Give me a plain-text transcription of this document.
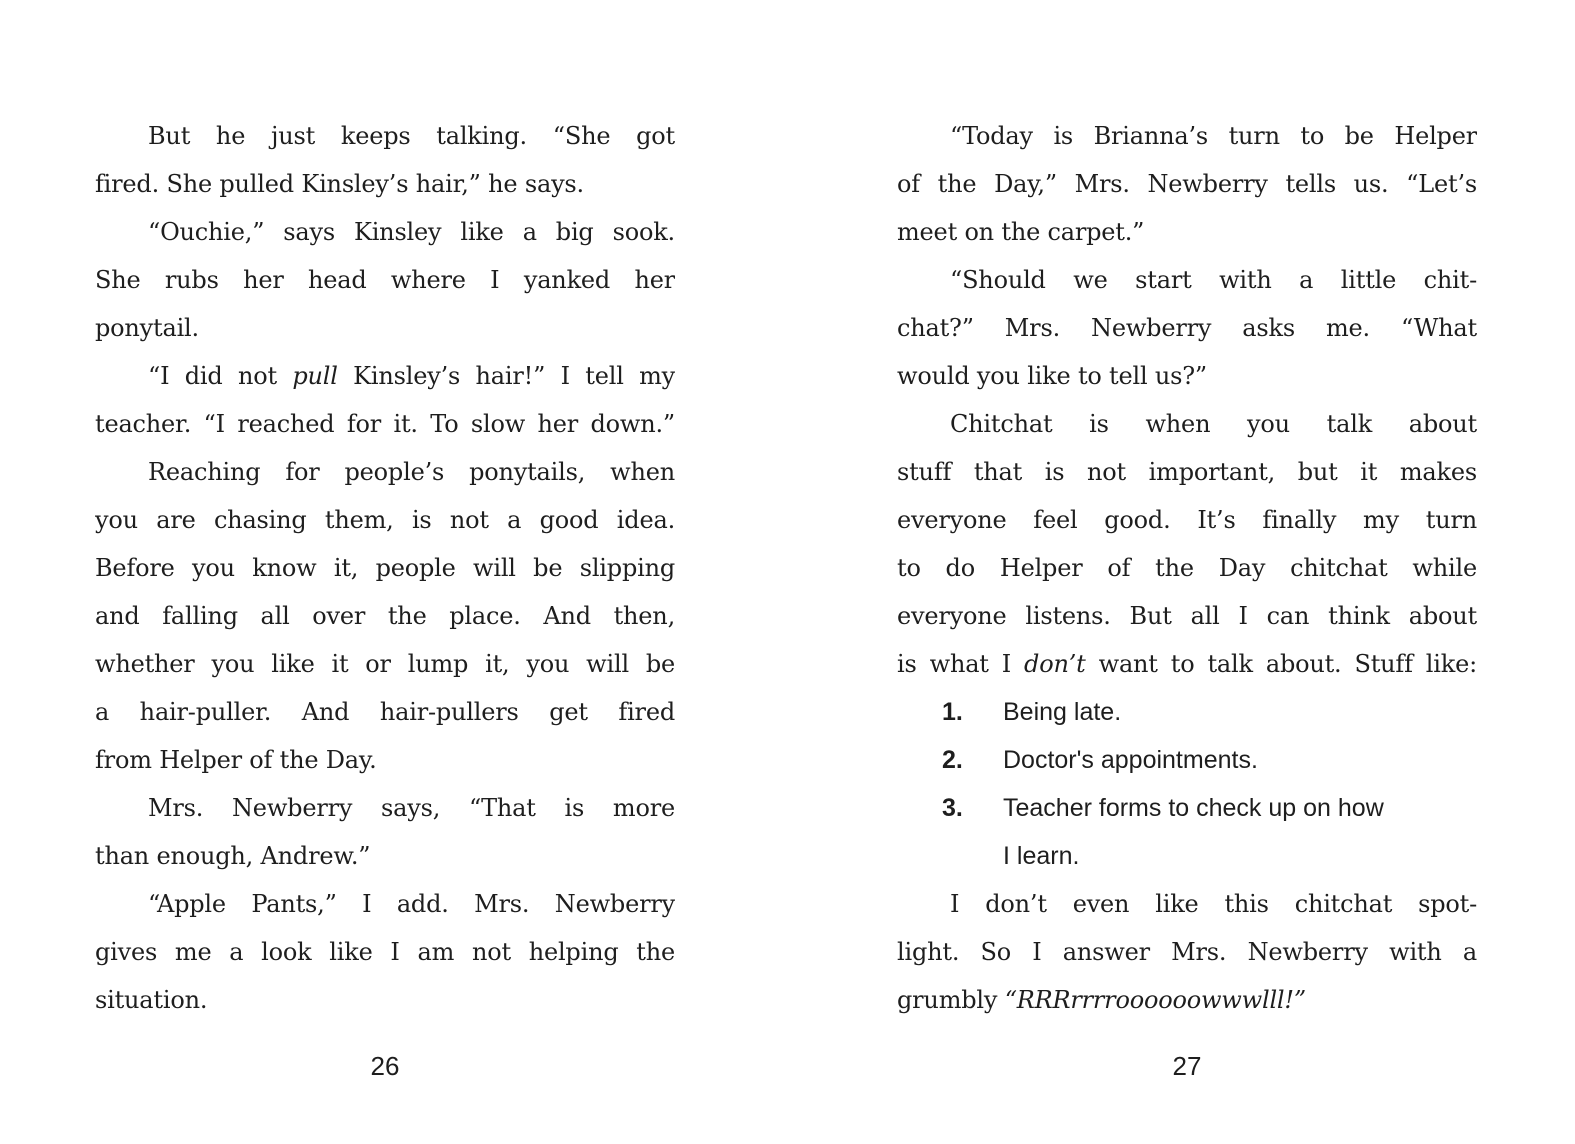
But he just keeps talking. “She got
fired. She pulled Kinsley’s hair,” he says.
“Ouchie,” says Kinsley like a big sook.
She rubs her head where I yanked her
ponytail.
“I did not pull Kinsley’s hair!” I tell my
teacher. “I reached for it. To slow her down.”
Reaching for people’s ponytails, when
you are chasing them, is not a good idea.
Before you know it, people will be slipping
and falling all over the place. And then,
whether you like it or lump it, you will be
a hair-puller. And hair-pullers get fired
from Helper of the Day.
Mrs. Newberry says, “That is more
than enough, Andrew.”
“Apple Pants,” I add. Mrs. Newberry
gives me a look like I am not helping the
situation.
26
“Today is Brianna’s turn to be Helper
of the Day,” Mrs. Newberry tells us. “Let’s
meet on the carpet.”
“Should we start with a little chit-
chat?” Mrs. Newberry asks me. “What
would you like to tell us?”
Chitchat is when you talk about
stuff that is not important, but it makes
everyone feel good. It’s finally my turn
to do Helper of the Day chitchat while
everyone listens. But all I can think about
is what I don’t want to talk about. Stuff like:
1. Being late.
2. Doctor's appointments.
3. Teacher forms to check up on how
I learn.
I don’t even like this chitchat spot-
light. So I answer Mrs. Newberry with a
grumbly “RRRrrrroooooowwwlll!”
27
